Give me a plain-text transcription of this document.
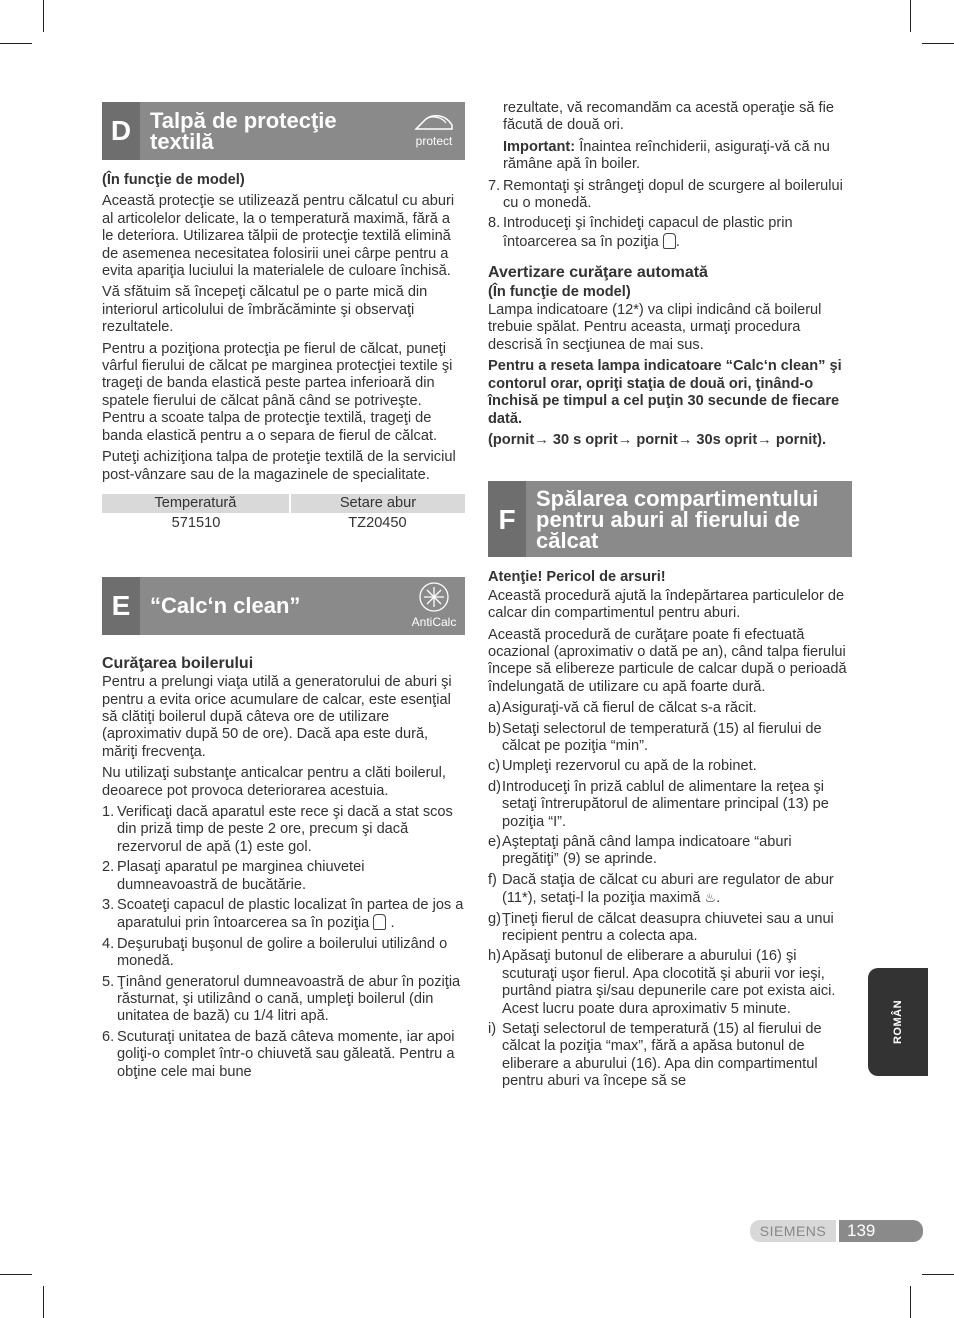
D Talpă de protecţie textilă	protect

(În funcţie de model)

Această protecţie se utilizează pentru călcatul cu aburi al articolelor delicate, la o temperatură maximă, fără a le deteriora. Utilizarea tălpii de protecţie textilă elimină de asemenea necesitatea folosirii unei cârpe pentru a evita apariţia luciului la materialele de culoare închisă.

Vă sfătuim să începeţi călcatul pe o parte mică din interiorul articolului de îmbrăcăminte şi observaţi rezultatele.

Pentru a poziţiona protecţia pe fierul de călcat, puneţi vârful fierului de călcat pe marginea protecţiei textile şi trageţi de banda elastică peste partea inferioară din spatele fierului de călcat până când se potriveşte. Pentru a scoate talpa de protecţie textilă, trageţi de banda elastică pentru a o separa de fierul de călcat.

Puteţi achiziţiona talpa de proteţie textilă de la serviciul post-vânzare sau de la magazinele de specialitate.

Temperatură	Setare abur
571510	TZ20450
E “Calc‘n clean”
AntiCalc
Curăţarea boilerului

Pentru a prelungi viaţa utilă a generatorului de aburi şi pentru a evita orice acumulare de calcar, este esenţial să clătiţi boilerul după câteva ore de utilizare (aproximativ după 50 de ore). Dacă apa este dură, măriţi frecvenţa.

Nu utilizaţi substanţe anticalcar pentru a clăti boilerul, deoarece pot provoca deteriorarea acestuia.

1. Verificaţi dacă aparatul este rece şi dacă a stat scos din priză timp de peste 2 ore, precum şi dacă rezervorul de apă (1) este gol.
2. Plasaţi aparatul pe marginea chiuvetei dumneavoastră de bucătărie.
3. Scoateţi capacul de plastic localizat în partea de jos a aparatului prin întoarcerea sa în poziţia .
4. Deşurubaţi buşonul de golire a boilerului utilizând o monedă.
5. Ţinând generatorul dumneavoastră de abur în poziţia răsturnat, şi utilizând o cană, umpleţi boilerul (din unitatea de bază) cu 1/4 litri apă.
6. Scuturaţi unitatea de bază câteva momente, iar apoi goliţi-o complet într-o chiuvetă sau găleată. Pentru a obţine cele mai bune

rezultate, vă recomandăm ca acestă operaţie să fie făcută de două ori.

Important: Înaintea reînchiderii, asiguraţi-vă că nu rămâne apă în boiler.

7. Remontaţi şi strângeţi dopul de scurgere al boilerului cu o monedă.
8. Introduceţi şi închideţi capacul de plastic prin întoarcerea sa în poziţia .
Avertizare curăţare automată

(În funcţie de model)

Lampa indicatoare (12*) va clipi indicând că boilerul trebuie spălat. Pentru aceasta, urmaţi procedura descrisă în secţiunea de mai sus.

Pentru a reseta lampa indicatoare “Calc‘n clean” şi contorul orar, opriţi staţia de două ori, ţinând-o închisă pe timpul a cel puţin 30 secunde de fiecare dată.

(pornit→ 30 s oprit→ pornit→ 30s oprit→ pornit).

F
Spălarea compartimentului pentru aburi al fierului de călcat

Atenţie! Pericol de arsuri!

Această procedură ajută la îndepărtarea particulelor de calcar din compartimentul pentru aburi.

Această procedură de curăţare poate fi efectuată ocazional (aproximativ o dată pe an), când talpa fierului începe să elibereze particule de calcar după o perioadă îndelungată de utilizare cu apă foarte dură.

a) Asiguraţi-vă că fierul de călcat s-a răcit.
b) Setaţi selectorul de temperatură (15) al fierului de călcat pe poziţia “min”.
c) Umpleţi rezervorul cu apă de la robinet.
d) Introduceţi în priză cablul de alimentare la reţea şi setaţi întrerupătorul de alimentare principal (13) pe poziţia “I”.
e) Aşteptaţi până când lampa indicatoare “aburi pregătiţi” (9) se aprinde.
f) Dacă staţia de călcat cu aburi are regulator de abur (11*), setaţi-l la poziţia maximă ♨.
g) Ţineţi fierul de călcat deasupra chiuvetei sau a unui recipient pentru a colecta apa.
h) Apăsaţi butonul de eliberare a aburului (16) şi scuturaţi uşor fierul. Apa clocotită şi aburii vor ieşi, purtând piatra şi/sau depunerile care pot exista aici. Acest lucru poate dura aproximativ 5 minute.
i) Setaţi selectorul de temperatură (15) al fierului de călcat la poziţia “max”, fără a apăsa butonul de eliberare a aburului (16). Apa din compartimentul pentru aburi va începe să se
ROMÂN
SIEMENS	139
